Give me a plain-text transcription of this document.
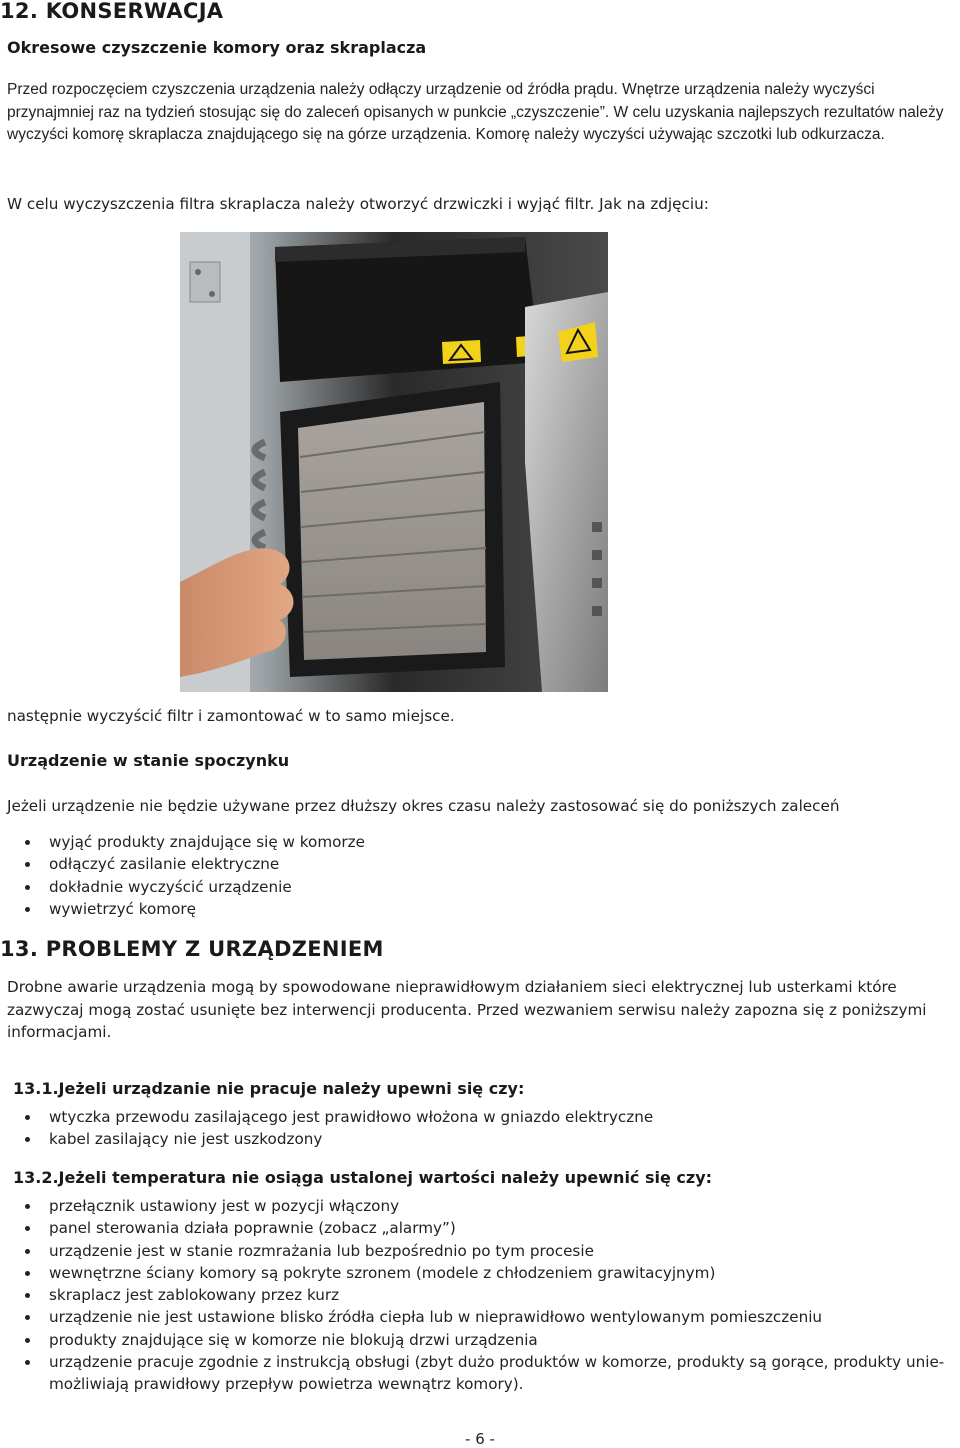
12. KONSERWACJA
Okresowe czyszczenie komory oraz skraplacza

Przed rozpoczęciem czyszczenia urządzenia należy odłączy urządzenie od źródła prądu. Wnętrze urządzenia należy wyczyści przynajmniej raz na tydzień stosując się do zaleceń opisanych w punkcie „czyszczenie”. W celu uzyskania najlepszych rezultatów należy wyczyści komorę skraplacza znajdującego się na górze urządzenia. Komorę należy wyczyści używając szczotki lub odkurzacza.

W celu wyczyszczenia filtra skraplacza należy otworzyć drzwiczki i wyjąć filtr. Jak na zdjęciu:

następnie wyczyścić filtr i zamontować w to samo miejsce.

Urządzenie w stanie spoczynku

Jeżeli urządzenie nie będzie używane przez dłuższy okres czasu należy zastosować się do poniższych zaleceń

wyjąć produkty znajdujące się w komorze
odłączyć zasilanie elektryczne
dokładnie wyczyścić urządzenie
wywietrzyć komorę
13. PROBLEMY Z URZĄDZENIEM

Drobne awarie urządzenia mogą by spowodowane nieprawidłowym działaniem sieci elektrycznej lub usterkami które zazwyczaj mogą zostać usunięte bez interwencji producenta. Przed wezwaniem serwisu należy zapozna się z poniższymi informacjami.

13.1.Jeżeli urządzanie nie pracuje należy upewni się czy:
wtyczka przewodu zasilającego jest prawidłowo włożona w gniazdo elektryczne
kabel zasilający nie jest uszkodzony
13.2.Jeżeli temperatura nie osiąga ustalonej wartości należy upewnić się czy:
przełącznik ustawiony jest w pozycji włączony
panel sterowania działa poprawnie (zobacz „alarmy”)
urządzenie jest w stanie rozmrażania lub bezpośrednio po tym procesie
wewnętrzne ściany komory są pokryte szronem (modele z chłodzeniem grawitacyjnym)
skraplacz jest zablokowany przez kurz
urządzenie nie jest ustawione blisko źródła ciepła lub w nieprawidłowo wentylowanym pomieszczeniu
produkty znajdujące się w komorze nie blokują drzwi urządzenia
urządzenie pracuje zgodnie z instrukcją obsługi (zbyt dużo produktów w komorze, produkty są gorące, produkty unie-możliwiają prawidłowy przepływ powietrza wewnątrz komory).
- 6 -
